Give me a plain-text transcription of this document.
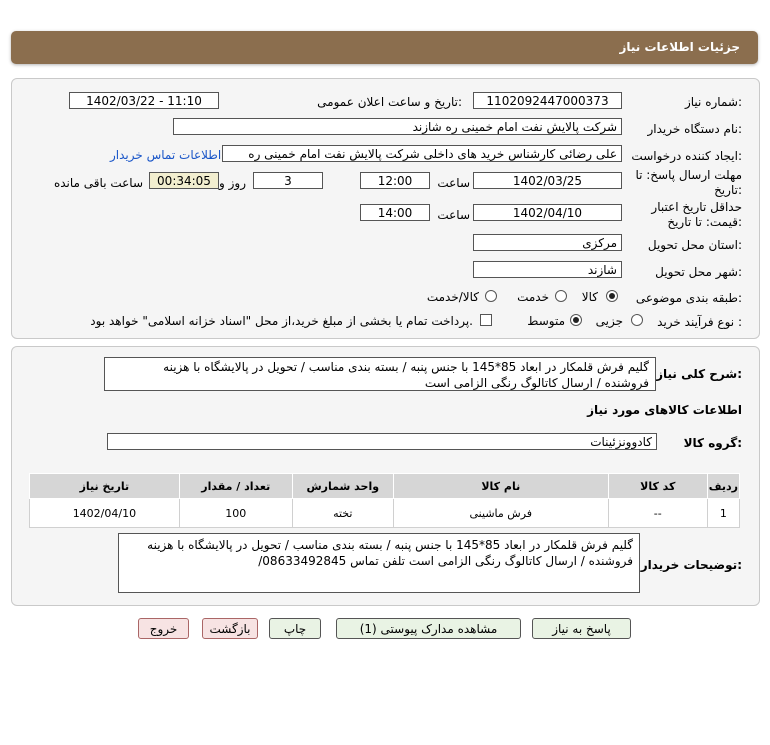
جزئیات اطلاعات نیاز
شماره نیاز:
1102092447000373
تاریخ و ساعت اعلان عمومی:
1402/03/22 - 11:10
نام دستگاه خریدار:
شرکت پالایش نفت امام خمینی ره شازند
ایجاد کننده درخواست:
علی رضائی کارشناس خرید های داخلی شرکت پالایش نفت امام خمینی ره
اطلاعات تماس خریدار
مهلت ارسال پاسخ: تا
تاریخ:
1402/03/25
ساعت
12:00
3
روز و
00:34:05
ساعت باقی مانده
حداقل تاریخ اعتبار
قیمت: تا تاریخ:
1402/04/10
ساعت
14:00
استان محل تحویل:
مرکزی
شهر محل تحویل:
شازند
طبقه بندی موضوعی:
کالا
خدمت
کالا/خدمت
نوع فرآیند خرید :
جزیی
متوسط
پرداخت تمام یا بخشی از مبلغ خرید،از محل "اسناد خزانه اسلامی" خواهد بود.
شرح کلی نیاز:
گلیم فرش قلمکار در ابعاد 85*145 با جنس پنبه / بسته بندی مناسب / تحویل در پالایشگاه با هزینه
فروشنده / ارسال کاتالوگ رنگی الزامی است
اطلاعات کالاهای مورد نیاز
گروه کالا:
کادوونزئینات
ردیف	کد کالا	نام کالا	واحد شمارش	تعداد / مقدار	تاریخ نیاز
1	--	فرش ماشینی	تخته	100	1402/04/10
توضیحات خریدار:
گلیم فرش قلمکار در ابعاد 85*145 با جنس پنبه / بسته بندی مناسب / تحویل در پالایشگاه با هزینه
فروشنده / ارسال کاتالوگ رنگی الزامی است تلفن تماس 08633492845/
پاسخ به نیاز
مشاهده مدارک پیوستی (1)
چاپ
بازگشت
خروج
